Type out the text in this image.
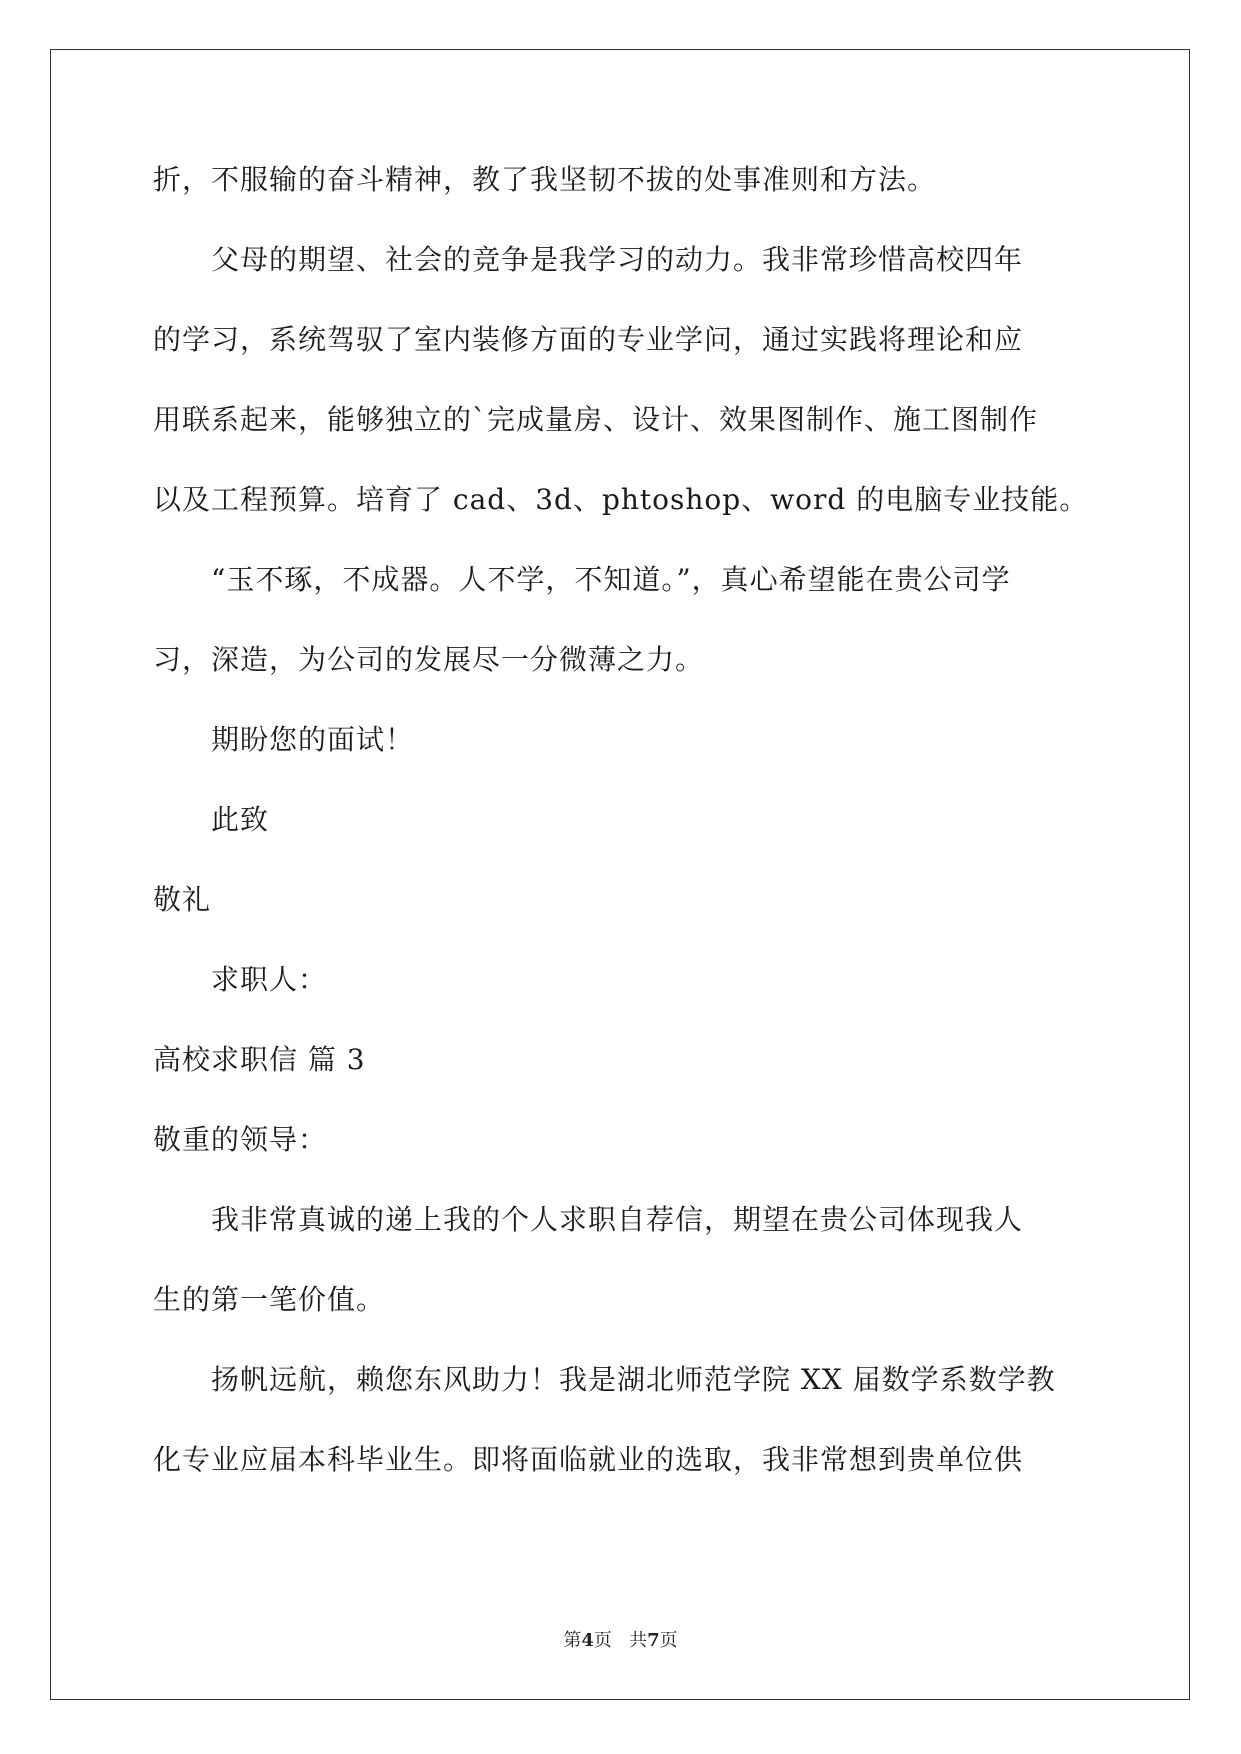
折，不服输的奋斗精神，教了我坚韧不拔的处事准则和方法。
　　父母的期望、社会的竞争是我学习的动力。我非常珍惜高校四年
的学习，系统驾驭了室内装修方面的专业学问，通过实践将理论和应
用联系起来，能够独立的`完成量房、设计、效果图制作、施工图制作
以及工程预算。培育了 cad、3d、phtoshop、word 的电脑专业技能。
　　“玉不琢，不成器。人不学，不知道。”，真心希望能在贵公司学
习，深造，为公司的发展尽一分微薄之力。
　　期盼您的面试！
　　此致
敬礼
　　求职人：
高校求职信 篇 3
敬重的领导：
　　我非常真诚的递上我的个人求职自荐信，期望在贵公司体现我人
生的第一笔价值。
　　扬帆远航，赖您东风助力！我是湖北师范学院 XX 届数学系数学教
化专业应届本科毕业生。即将面临就业的选取，我非常想到贵单位供
第4页 共7页
